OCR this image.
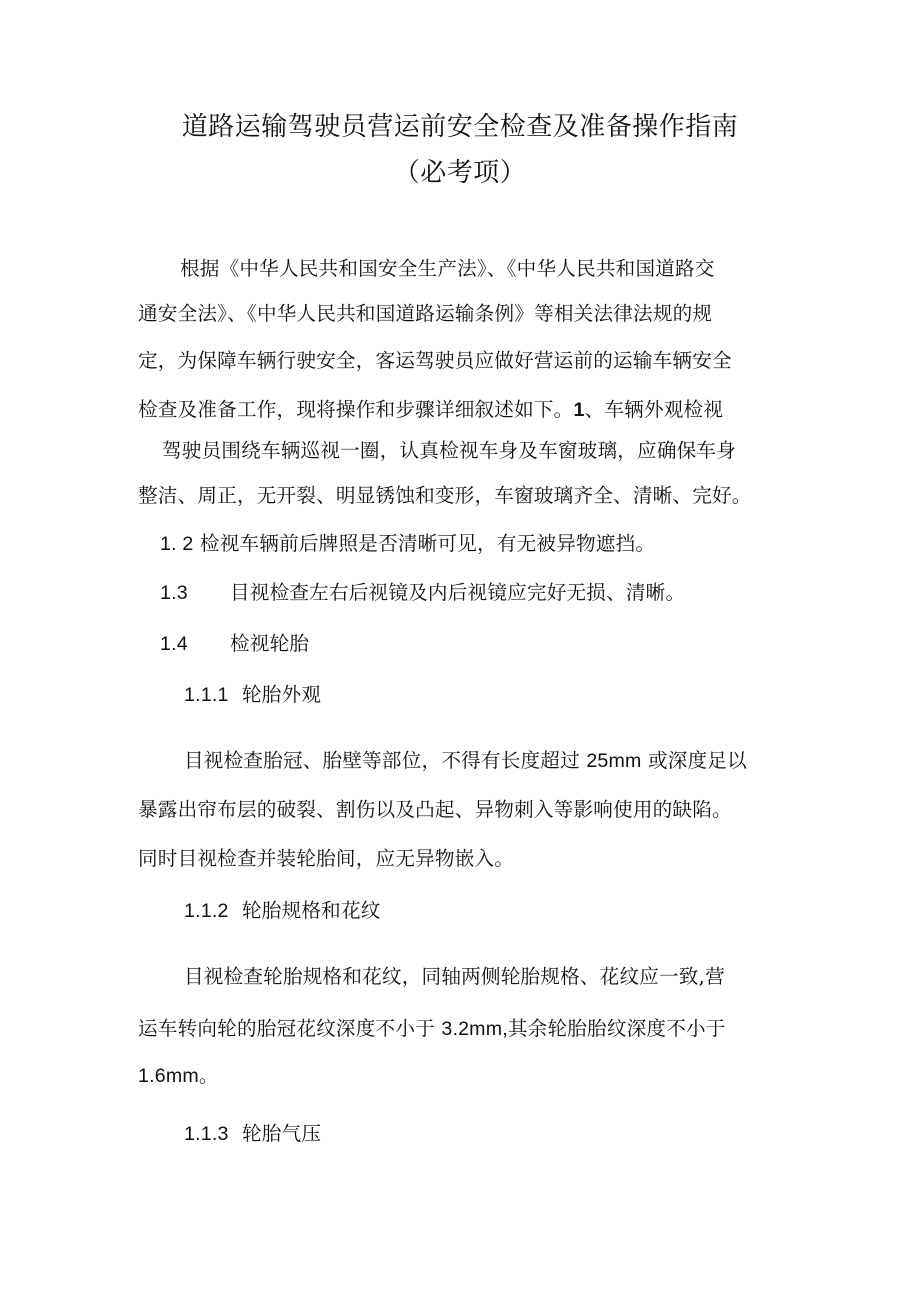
道路运输驾驶员营运前安全检查及准备操作指南
（必考项）
根据《中华人民共和国安全生产法》、《中华人民共和国道路交
通安全法》、《中华人民共和国道路运输条例》等相关法律法规的规
定，为保障车辆行驶安全，客运驾驶员应做好营运前的运输车辆安全
检查及准备工作，现将操作和步骤详细叙述如下。1、车辆外观检视
驾驶员围绕车辆巡视一圈，认真检视车身及车窗玻璃，应确保车身
整洁、周正，无开裂、明显锈蚀和变形，车窗玻璃齐全、清晰、完好。
1. 2 检视车辆前后牌照是否清晰可见，有无被异物遮挡。
1.3 目视检查左右后视镜及内后视镜应完好无损、清晰。
1.4 检视轮胎
1.1.1 轮胎外观
目视检查胎冠、胎壁等部位，不得有长度超过 25mm 或深度足以
暴露出帘布层的破裂、割伤以及凸起、异物刺入等影响使用的缺陷。
同时目视检查并装轮胎间，应无异物嵌入。
1.1.2 轮胎规格和花纹
目视检查轮胎规格和花纹，同轴两侧轮胎规格、花纹应一致,营
运车转向轮的胎冠花纹深度不小于 3.2mm,其余轮胎胎纹深度不小于
1.6mm。
1.1.3 轮胎气压
